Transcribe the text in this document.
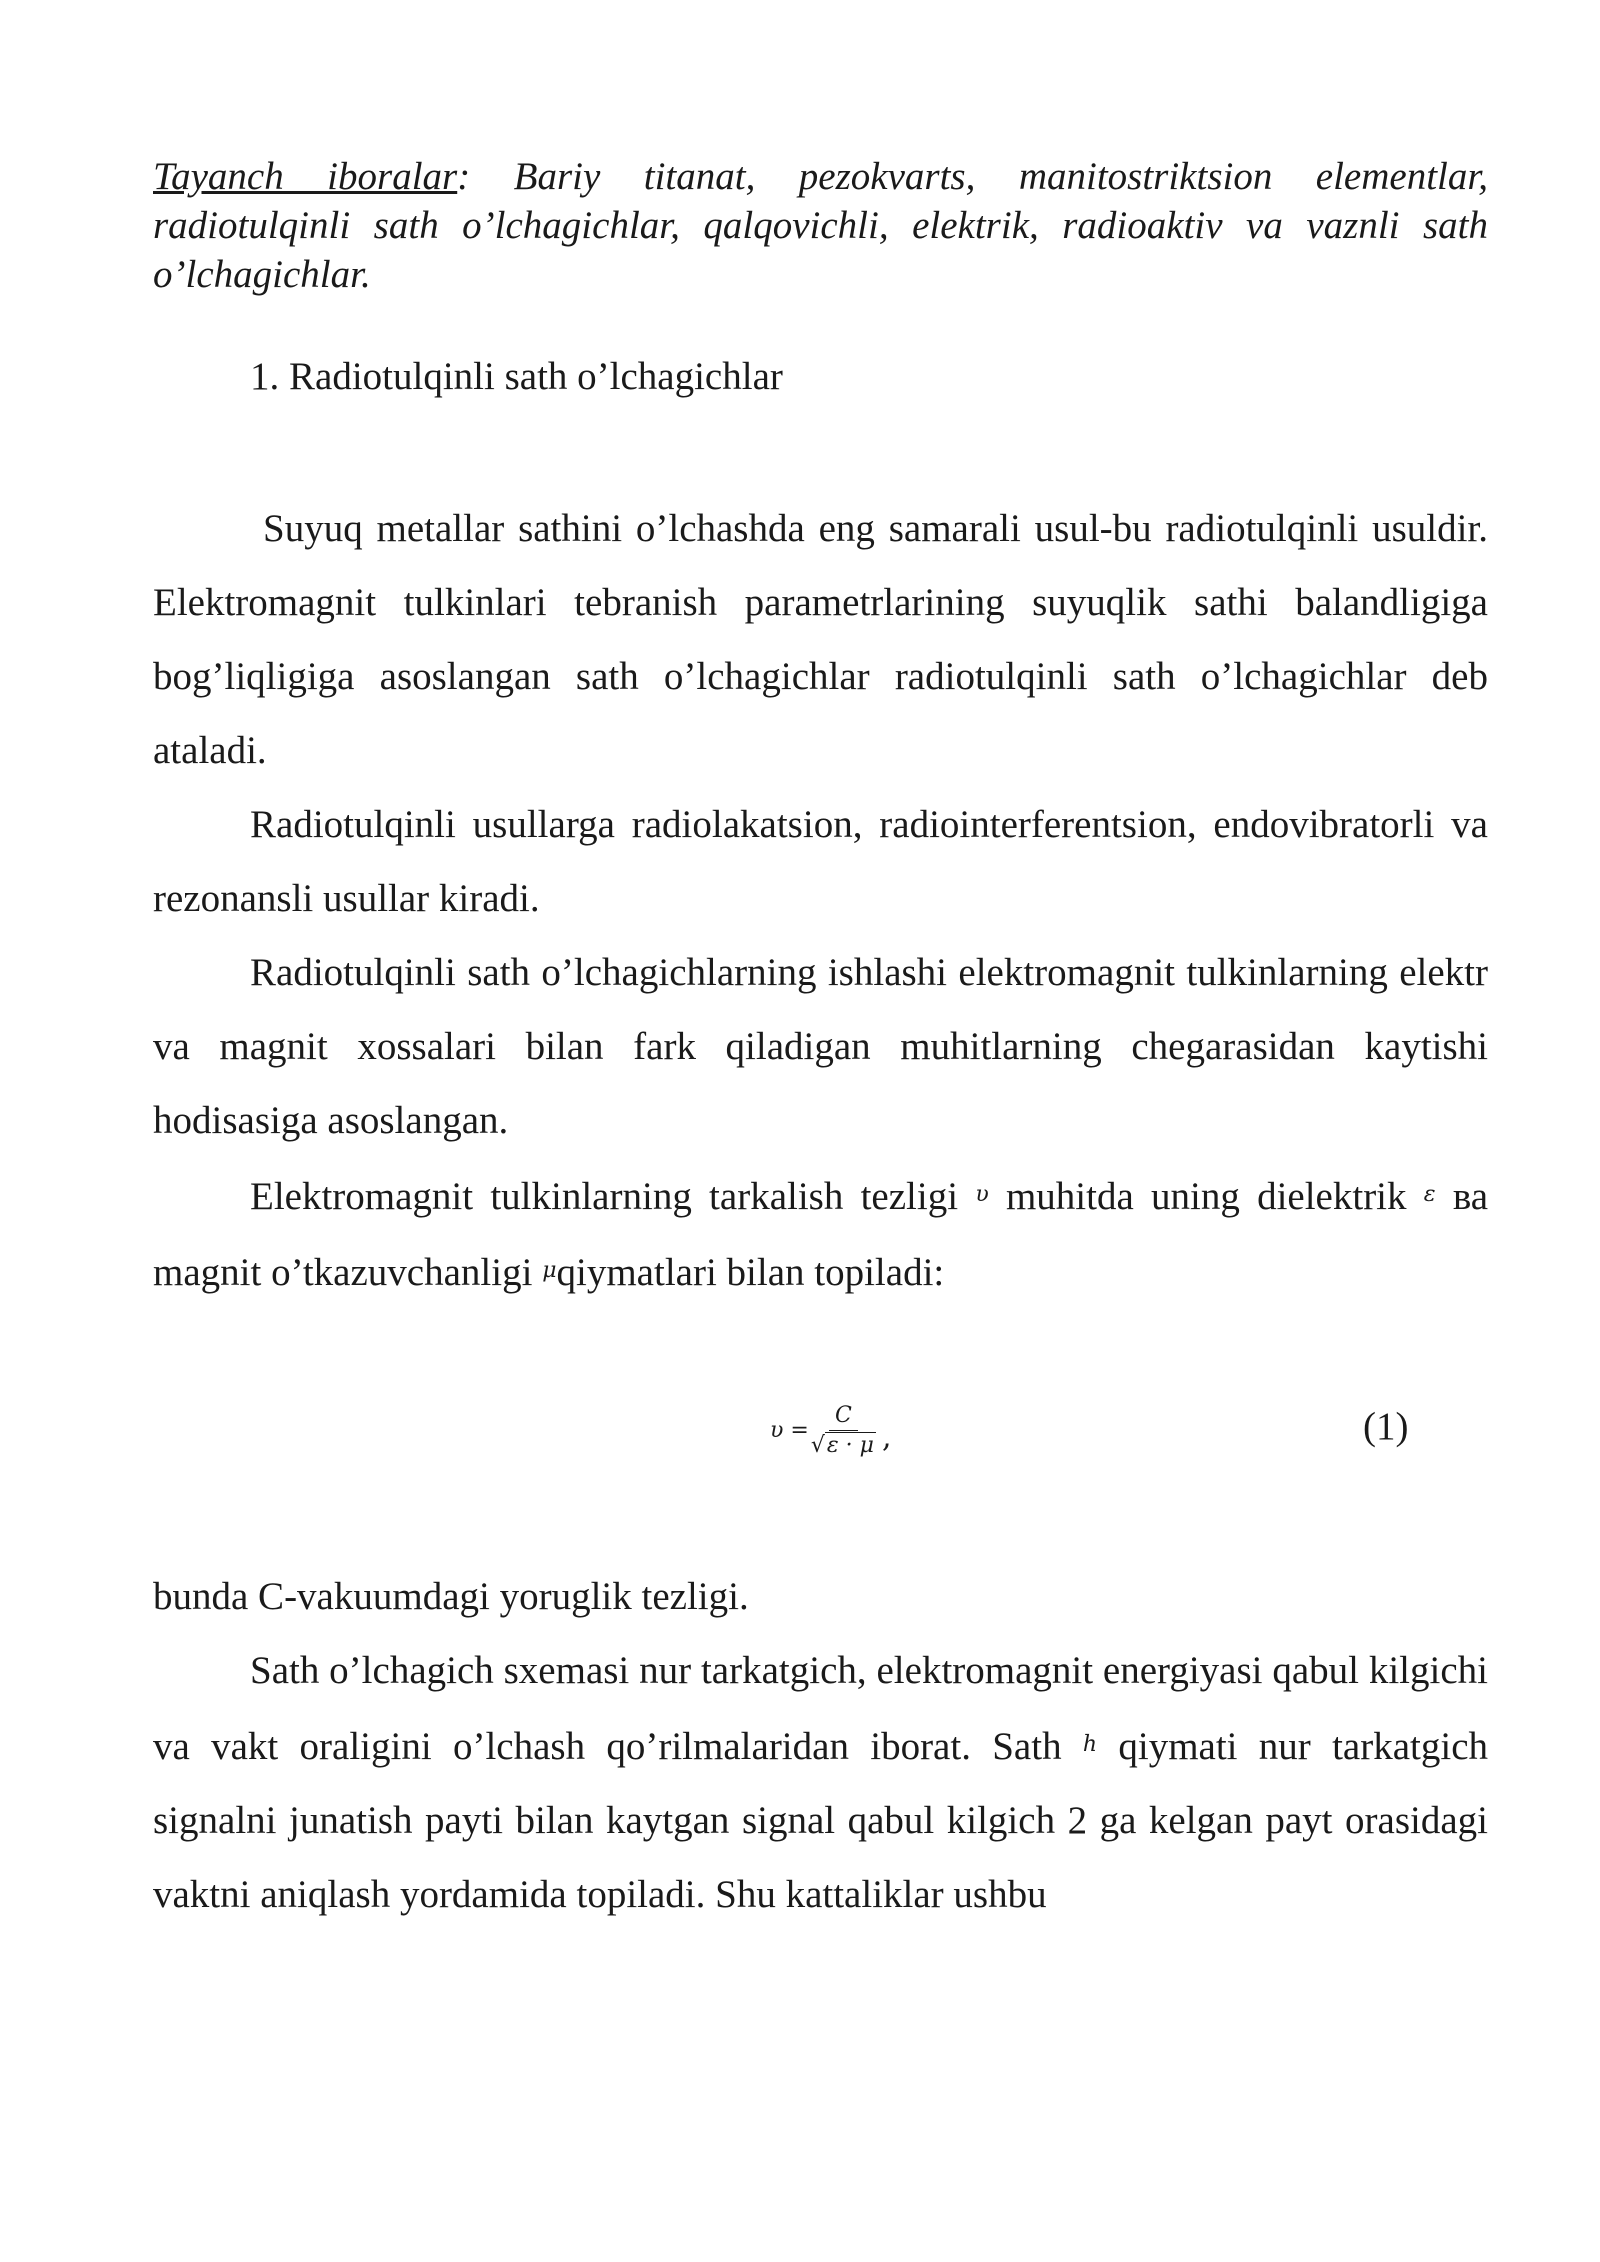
Tayanch iboralar: Bariy titanat, pezokvarts, manitostriktsion elementlar, radiotulqinli sath o’lchagichlar, qalqovichli, elektrik, radioaktiv va vaznli sath o’lchagichlar.
1. Radiotulqinli sath o’lchagichlar

Suyuq metallar sathini o’lchashda eng samarali usul-bu radiotulqinli usuldir. Elektromagnit tulkinlari tebranish parametrlarining suyuqlik sathi balandligiga bog’liqligiga asoslangan sath o’lchagichlar radiotulqinli sath o’lchagichlar deb ataladi.

Radiotulqinli usullarga radiolakatsion, radiointerferentsion, endovibratorli va rezonansli usullar kiradi.

Radiotulqinli sath o’lchagichlarning ishlashi elektromagnit tulkinlarning elektr va magnit xossalari bilan fark qiladigan muhitlarning chegarasidan kaytishi hodisasiga asoslangan.

Elektromagnit tulkinlarning tarkalish tezligi $^\upsilon$ muhitda uning dielektrik $^\varepsilon$ ва magnit o’tkazuvchanligi $^\mu$qiymatlari bilan topiladi:

$\upsilon = \frac{C}{√\varepsilon \cdot \mu}$ ,	(1)

bunda C-vakuumdagi yoruglik tezligi.

Sath o’lchagich sxemasi nur tarkatgich, elektromagnit energiyasi qabul kilgichi va vakt oraligini o’lchash qo’rilmalaridan iborat. Sath $^h$ qiymati nur tarkatgich signalni junatish payti bilan kaytgan signal qabul kilgich 2 ga kelgan payt orasidagi vaktni aniqlash yordamida topiladi. Shu kattaliklar ushbu
